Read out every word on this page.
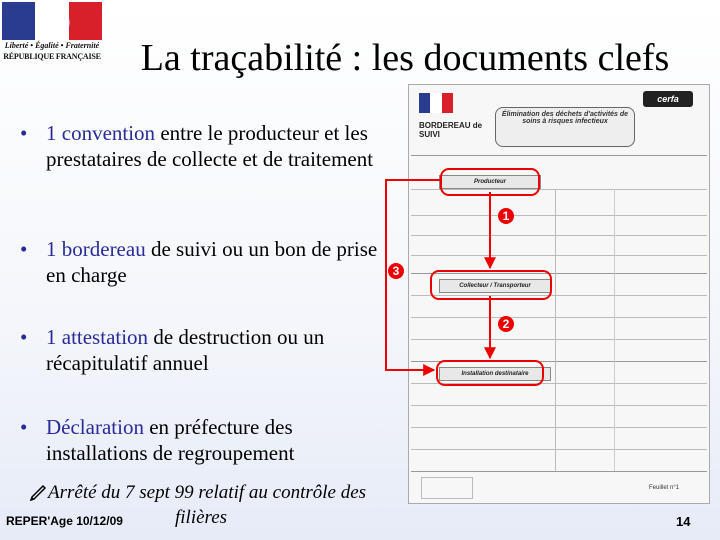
Liberté • Égalité • Fraternité
RÉPUBLIQUE FRANÇAISE	La traçabilité : les documents clefs
• 1 convention entre le producteur et les prestataires de collecte et de traitement
• 1 bordereau de suivi ou un bon de prise en charge
• 1 attestation de destruction ou un récapitulatif annuel
• Déclaration en préfecture des installations de regroupement
Arrêté du 7 sept 99 relatif au contrôle des
filières
REPER'Age 10/12/09	14
BORDEREAU de SUIVI
Élimination des déchets d'activités de soins à risques infectieux
cerfa
Producteur
Collecteur / Transporteur
Installation destinataire
Feuillet n°1
1
2
3
